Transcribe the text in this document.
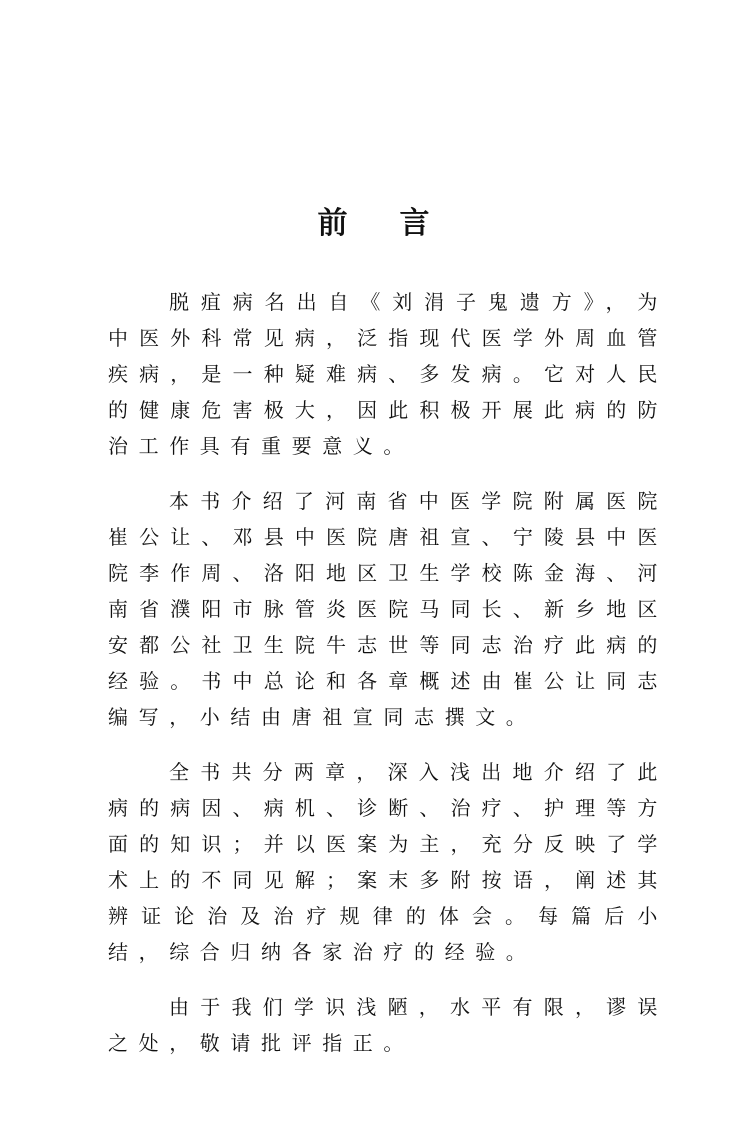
前言

脱疽病名出自《刘涓子鬼遗方》，为中医外科常见病，泛指现代医学外周血管疾病，是一种疑难病、多发病。它对人民的健康危害极大，因此积极开展此病的防治工作具有重要意义。

本书介绍了河南省中医学院附属医院崔公让、邓县中医院唐祖宣、宁陵县中医院李作周、洛阳地区卫生学校陈金海、河南省濮阳市脉管炎医院马同长、新乡地区安都公社卫生院牛志世等同志治疗此病的经验。书中总论和各章概述由崔公让同志编写，小结由唐祖宣同志撰文。

全书共分两章，深入浅出地介绍了此病的病因、病机、诊断、治疗、护理等方面的知识；并以医案为主，充分反映了学术上的不同见解；案末多附按语，阐述其辨证论治及治疗规律的体会。每篇后小结，综合归纳各家治疗的经验。

由于我们学识浅陋，水平有限，谬误之处，敬请批评指正。
